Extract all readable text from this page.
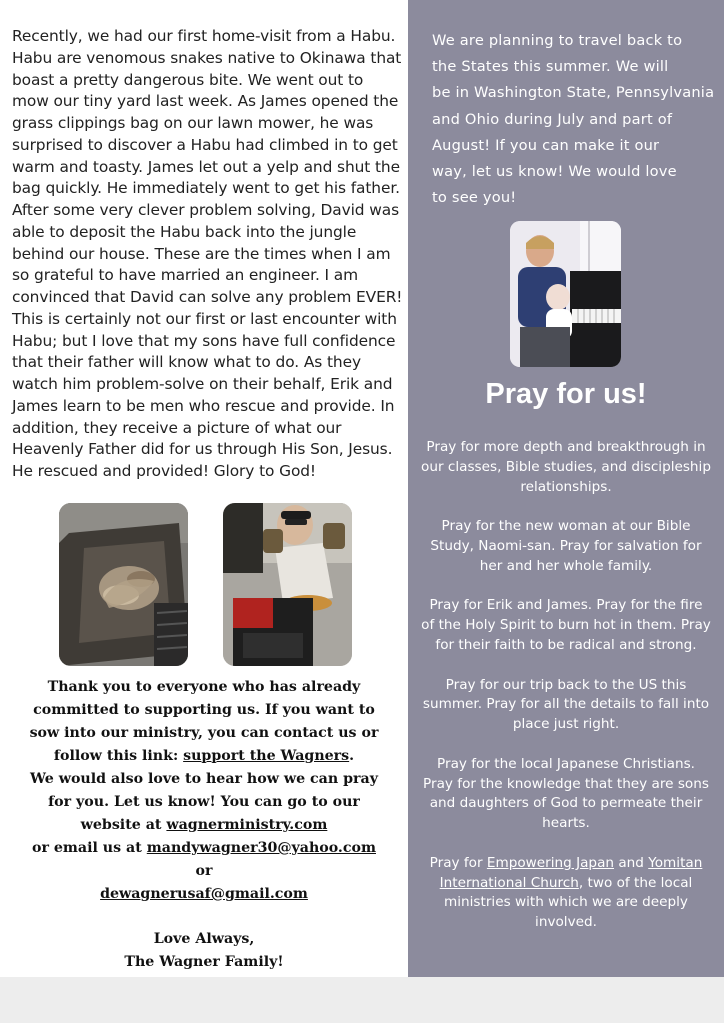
Recently, we had our first home-visit from a Habu. Habu are venomous snakes native to Okinawa that boast a pretty dangerous bite. We went out to mow our tiny yard last week. As James opened the grass clippings bag on our lawn mower, he was surprised to discover a Habu had climbed in to get warm and toasty. James let out a yelp and shut the bag quickly. He immediately went to get his father. After some very clever problem solving, David was able to deposit the Habu back into the jungle behind our house. These are the times when I am so grateful to have married an engineer. I am convinced that David can solve any problem EVER! This is certainly not our first or last encounter with Habu; but I love that my sons have full confidence that their father will know what to do. As they watch him problem-solve on their behalf, Erik and James learn to be men who rescue and provide. In addition, they receive a picture of what our Heavenly Father did for us through His Son, Jesus. He rescued and provided! Glory to God!

Thank you to everyone who has already
committed to supporting us. If you want to
sow into our ministry, you can contact us or
follow this link: support the Wagners.
We would also love to hear how we can pray
for you. Let us know! You can go to our
website at wagnerministry.com
or email us at mandywagner30@yahoo.com
or
dewagnerusaf@gmail.com
Love Always,
The Wagner Family!
We are planning to travel back to
the States this summer. We will
be in Washington State, Pennsylvania
and Ohio during July and part of
August! If you can make it our
way, let us know! We would love
to see you!
Pray for us!
Pray for more depth and breakthrough in
our classes, Bible studies, and discipleship
relationships.
Pray for the new woman at our Bible
Study, Naomi-san. Pray for salvation for
her and her whole family.
Pray for Erik and James. Pray for the fire
of the Holy Spirit to burn hot in them. Pray
for their faith to be radical and strong.
Pray for our trip back to the US this
summer. Pray for all the details to fall into
place just right.
Pray for the local Japanese Christians.
Pray for the knowledge that they are sons
and daughters of God to permeate their
hearts.
Pray for Empowering Japan and Yomitan
International Church, two of the local
ministries with which we are deeply
involved.
